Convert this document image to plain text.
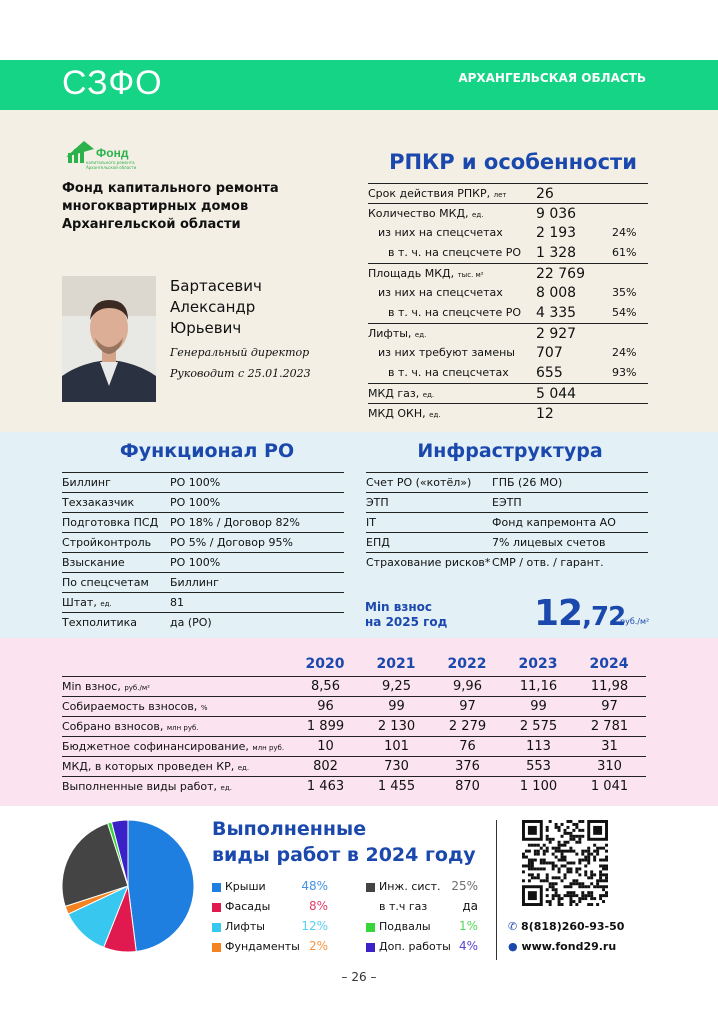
СЗФО	АРХАНГЕЛЬСКАЯ ОБЛАСТЬ
Фонд
капитального ремонта Архангельской области
Фонд капитального ремонта многоквартирных домов Архангельской области
Бартасевич
Александр
Юрьевич
Генеральный директор
Руководит с 25.01.2023
РПКР и особенности
Срок действия РПКР, лет	26
Количество МКД, ед.	9 036
из них на спецсчетах	2 193	24%
в т. ч. на спецсчете РО	1 328	61%
Площадь МКД, тыс. м²	22 769
из них на спецсчетах	8 008	35%
в т. ч. на спецсчете РО	4 335	54%
Лифты, ед.	2 927
из них требуют замены	707	24%
в т. ч. на спецсчетах	655	93%
МКД газ, ед.	5 044
МКД ОКН, ед.	12
Функционал РО	Инфраструктура
Биллинг	РО 100%
Техзаказчик	РО 100%
Подготовка ПСД	РО 18% / Договор 82%
Стройконтроль	РО 5% / Договор 95%
Взыскание	РО 100%
По спецсчетам	Биллинг
Штат, ед.	81
Техполитика	да (РО)
Счет РО («котёл»)	ГПБ (26 МО)
ЭТП	ЕЭТП
IT	Фонд капремонта АО
ЕПД	7% лицевых счетов
Страхование рисков* СМР / отв. / гарант.
Min взнос
на 2025 год 12,72
руб./м²
2020	2021	2022	2023	2024
Min взнос, руб./м²	8,56	9,25	9,96	11,16	11,98
Собираемость взносов, %	96	99	97	99	97
Собрано взносов, млн руб.	1 899	2 130	2 279	2 575	2 781
Бюджетное софинансирование, млн руб.	10	101	76	113	31
МКД, в которых проведен КР, ед.	802	730	376	553	310
Выполненные виды работ, ед.	1 463	1 455	870	1 100	1 041
Выполненные
виды работ в 2024 году
Крыши	48%
Фасады	8%
Лифты	12%
Фундаменты 2%
Инж. сист. 25%
в т.ч газ	да
Подвалы	1%
Доп. работы 4%
✆ 8(818)260-93-50
● www.fond29.ru
– 26 –
